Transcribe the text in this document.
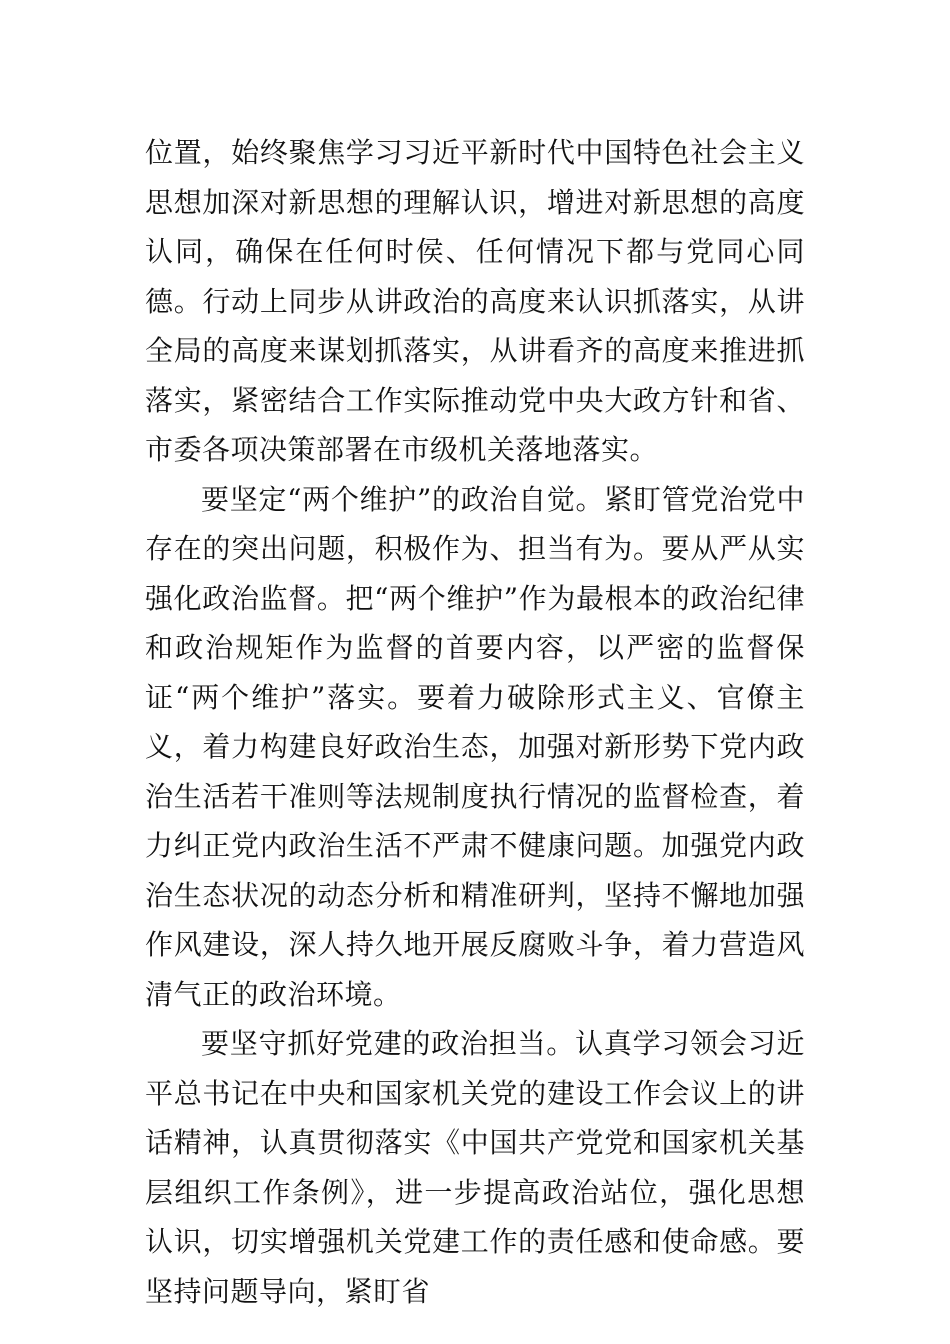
位置，始终聚焦学习习近平新时代中国特色社会主义思想加深对新思想的理解认识，增进对新思想的高度认同，确保在任何时侯、任何情况下都与党同心同德。行动上同步从讲政治的高度来认识抓落实，从讲全局的高度来谋划抓落实，从讲看齐的高度来推进抓落实，紧密结合工作实际推动党中央大政方针和省、市委各项决策部署在市级机关落地落实。

要坚定“两个维护”的政治自觉。紧盯管党治党中存在的突出问题，积极作为、担当有为。要从严从实强化政治监督。把“两个维护”作为最根本的政治纪律和政治规矩作为监督的首要内容，以严密的监督保证“两个维护”落实。要着力破除形式主义、官僚主义，着力构建良好政治生态，加强对新形势下党内政治生活若干准则等法规制度执行情况的监督检查，着力纠正党内政治生活不严肃不健康问题。加强党内政治生态状况的动态分析和精准研判，坚持不懈地加强作风建设，深人持久地开展反腐败斗争，着力营造风清气正的政治环境。

要坚守抓好党建的政治担当。认真学习领会习近平总书记在中央和国家机关党的建设工作会议上的讲话精神，认真贯彻落实《中国共产党党和国家机关基层组织工作条例》，进一步提高政治站位，强化思想认识，切实增强机关党建工作的责任感和使命感。要坚持问题导向，紧盯省
